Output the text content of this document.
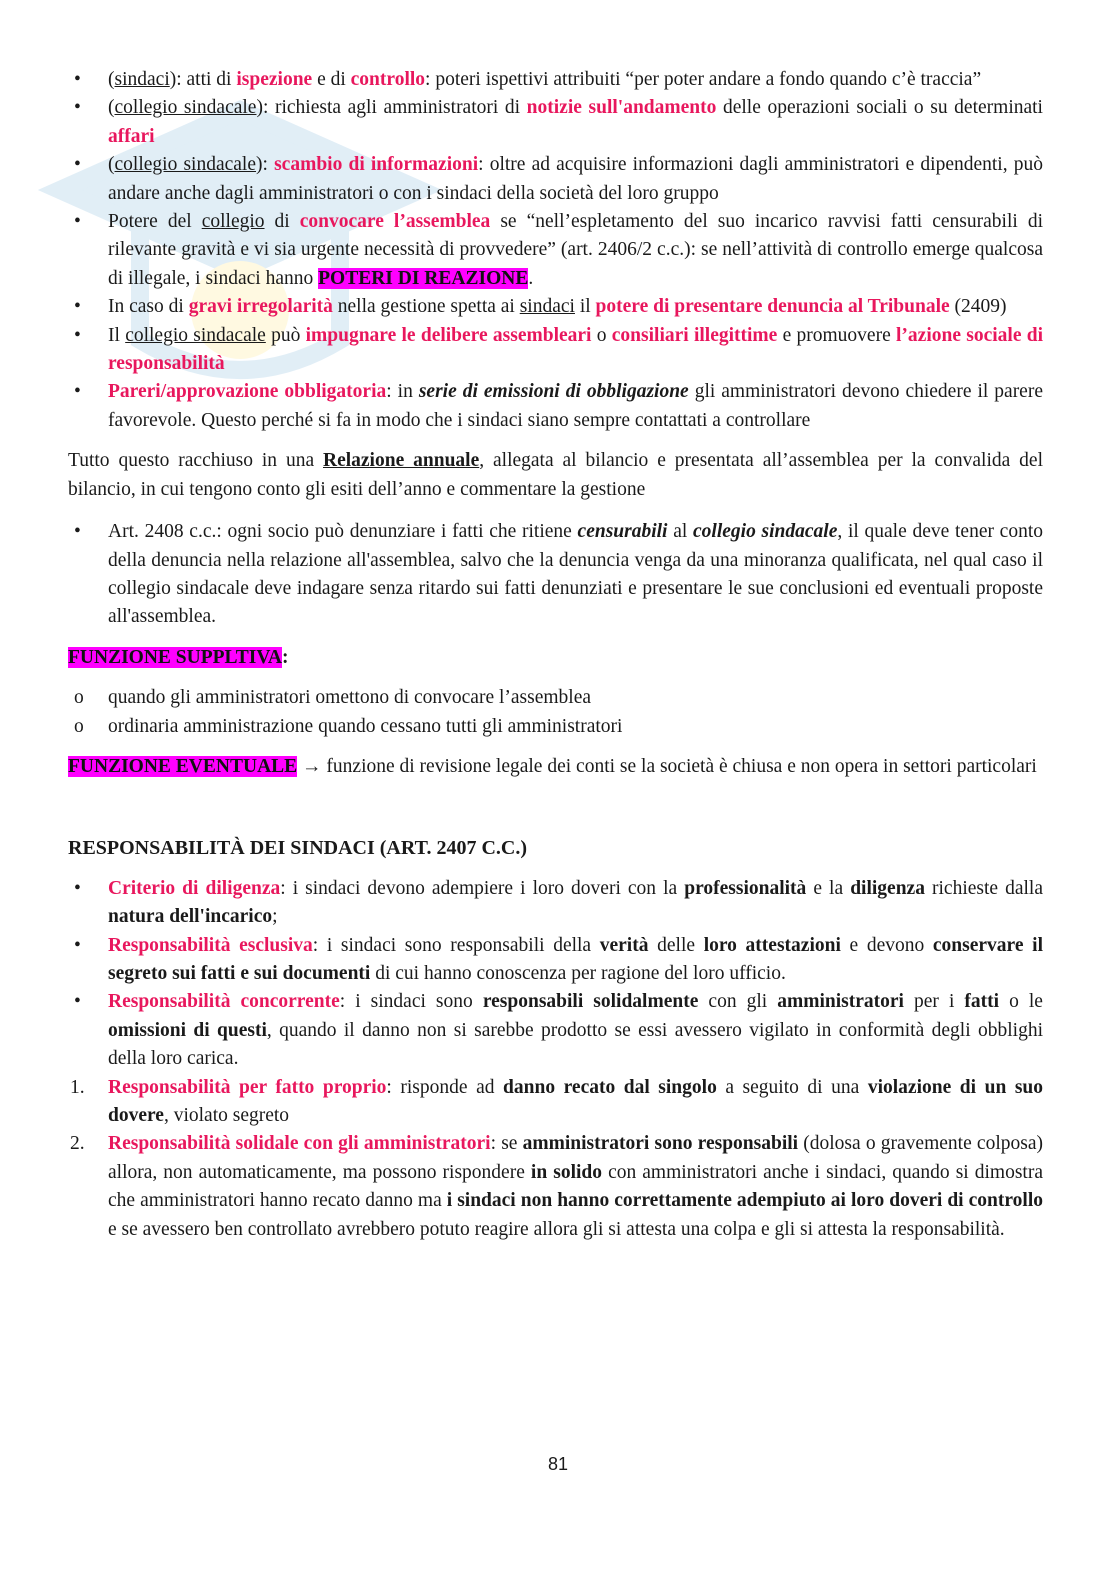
•	(sindaci): atti di ispezione e di controllo: poteri ispettivi attribuiti “per poter andare a fondo quando c’è traccia”
•	(collegio sindacale): richiesta agli amministratori di notizie sull'andamento delle operazioni sociali o su determinati affari
•	(collegio sindacale): scambio di informazioni: oltre ad acquisire informazioni dagli amministratori e dipendenti, può andare anche dagli amministratori o con i sindaci della società del loro gruppo
•	Potere del collegio di convocare l’assemblea se “nell’espletamento del suo incarico ravvisi fatti censurabili di rilevante gravità e vi sia urgente necessità di provvedere” (art. 2406/2 c.c.): se nell’attività di controllo emerge qualcosa di illegale, i sindaci hanno POTERI DI REAZIONE.
•	In caso di gravi irregolarità nella gestione spetta ai sindaci il potere di presentare denuncia al Tribunale (2409)
•	Il collegio sindacale può impugnare le delibere assembleari o consiliari illegittime e promuovere l’azione sociale di responsabilità
•	Pareri/approvazione obbligatoria: in serie di emissioni di obbligazione gli amministratori devono chiedere il parere favorevole. Questo perché si fa in modo che i sindaci siano sempre contattati a controllare

Tutto questo racchiuso in una Relazione annuale, allegata al bilancio e presentata all’assemblea per la convalida del bilancio, in cui tengono conto gli esiti dell’anno e commentare la gestione

•	Art. 2408 c.c.: ogni socio può denunziare i fatti che ritiene censurabili al collegio sindacale, il quale deve tener conto della denuncia nella relazione all'assemblea, salvo che la denuncia venga da una minoranza qualificata, nel qual caso il collegio sindacale deve indagare senza ritardo sui fatti denunziati e presentare le sue conclusioni ed eventuali proposte all'assemblea.

FUNZIONE SUPPLTIVA:

o	quando gli amministratori omettono di convocare l’assemblea
o	ordinaria amministrazione quando cessano tutti gli amministratori

FUNZIONE EVENTUALE → funzione di revisione legale dei conti se la società è chiusa e non opera in settori particolari

RESPONSABILITÀ DEI SINDACI (ART. 2407 C.C.)

•	Criterio di diligenza: i sindaci devono adempiere i loro doveri con la professionalità e la diligenza richieste dalla natura dell'incarico;
•	Responsabilità esclusiva: i sindaci sono responsabili della verità delle loro attestazioni e devono conservare il segreto sui fatti e sui documenti di cui hanno conoscenza per ragione del loro ufficio.
•	Responsabilità concorrente: i sindaci sono responsabili solidalmente con gli amministratori per i fatti o le omissioni di questi, quando il danno non si sarebbe prodotto se essi avessero vigilato in conformità degli obblighi della loro carica.
1. Responsabilità per fatto proprio: risponde ad danno recato dal singolo a seguito di una violazione di un suo dovere, violato segreto
2. Responsabilità solidale con gli amministratori: se amministratori sono responsabili (dolosa o gravemente colposa) allora, non automaticamente, ma possono rispondere in solido con amministratori anche i sindaci, quando si dimostra che amministratori hanno recato danno ma i sindaci non hanno correttamente adempiuto ai loro doveri di controllo e se avessero ben controllato avrebbero potuto reagire allora gli si attesta una colpa e gli si attesta la responsabilità.
81
